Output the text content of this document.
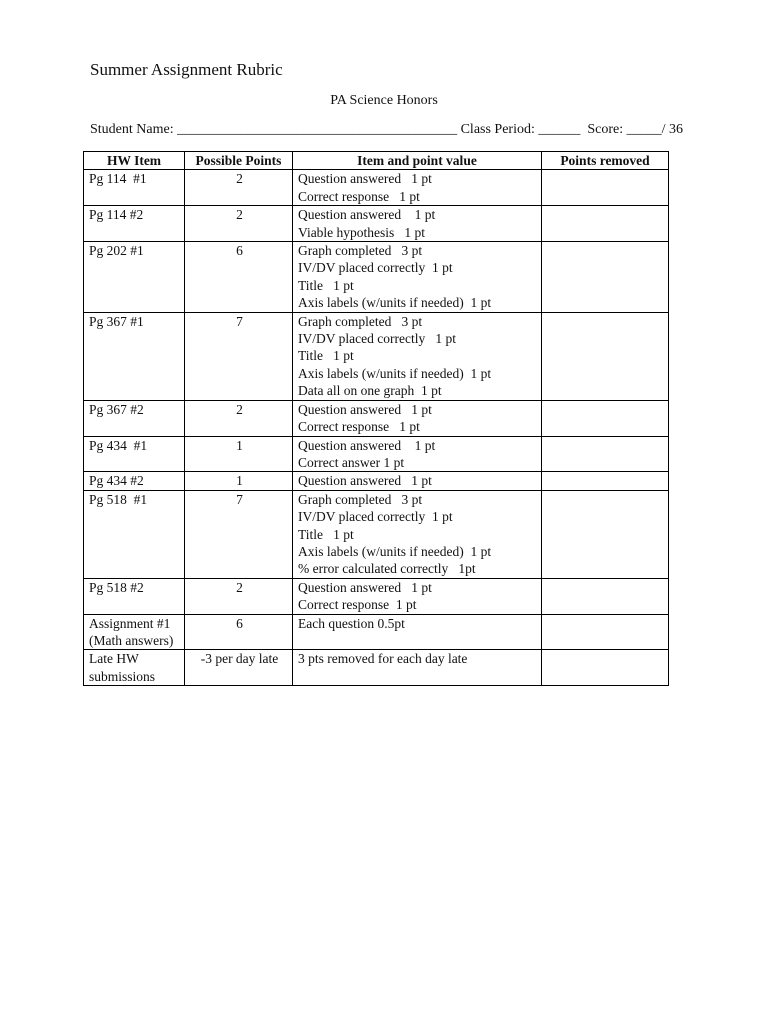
Summer Assignment Rubric
PA Science Honors
Student Name: ________________________________________ Class Period: ______  Score: _____/ 36
HW Item	Possible Points	Item and point value	Points removed

Pg 114  #1	2	Question answered   1 pt
Correct response   1 pt	

Pg 114 #2	2	Question answered    1 pt
Viable hypothesis   1 pt	

Pg 202 #1	6	Graph completed   3 pt
IV/DV placed correctly  1 pt
Title   1 pt
Axis labels (w/units if needed)  1 pt	

Pg 367 #1	7	Graph completed   3 pt
IV/DV placed correctly   1 pt
Title   1 pt
Axis labels (w/units if needed)  1 pt
Data all on one graph  1 pt	

Pg 367 #2	2	Question answered   1 pt
Correct response   1 pt	

Pg 434  #1	1	Question answered    1 pt
Correct answer 1 pt	

Pg 434 #2	1	Question answered   1 pt	

Pg 518  #1	7	Graph completed   3 pt
IV/DV placed correctly  1 pt
Title   1 pt
Axis labels (w/units if needed)  1 pt
% error calculated correctly   1pt	

Pg 518 #2	2	Question answered   1 pt
Correct response  1 pt	

Assignment #1
(Math answers)	6	Each question 0.5pt	

Late HW
submissions	-3 per day late	3 pts removed for each day late	
